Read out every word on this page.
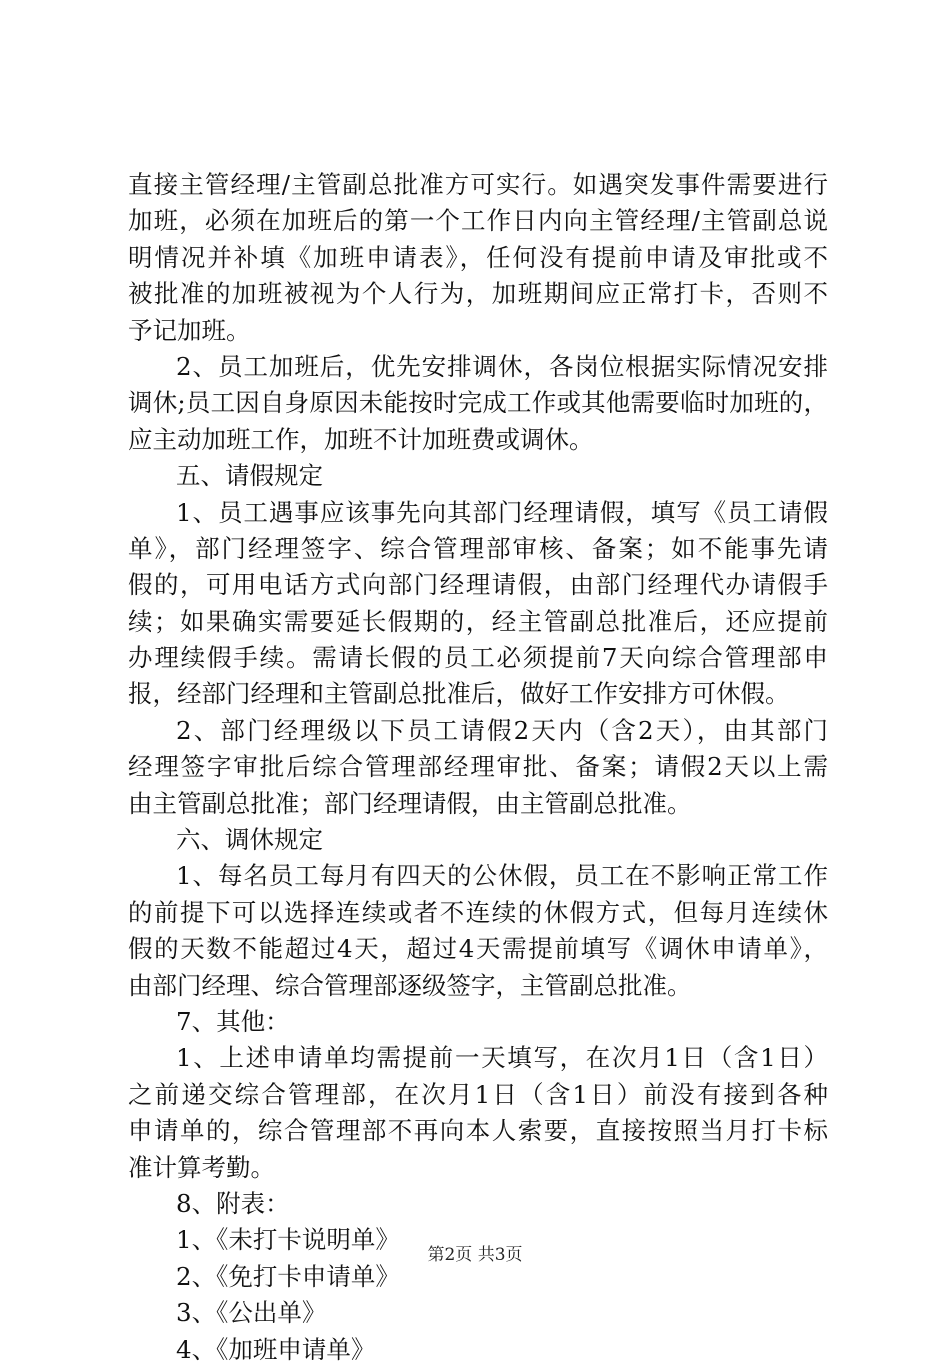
直接主管经理/主管副总批准方可实行。如遇突发事件需要进行
加班，必须在加班后的第一个工作日内向主管经理/主管副总说
明情况并补填《加班申请表》，任何没有提前申请及审批或不
被批准的加班被视为个人行为，加班期间应正常打卡，否则不
予记加班。
2、员工加班后，优先安排调休，各岗位根据实际情况安排
调休;员工因自身原因未能按时完成工作或其他需要临时加班的，
应主动加班工作，加班不计加班费或调休。
五、请假规定
1、员工遇事应该事先向其部门经理请假，填写《员工请假
单》，部门经理签字、综合管理部审核、备案；如不能事先请
假的，可用电话方式向部门经理请假，由部门经理代办请假手
续；如果确实需要延长假期的，经主管副总批准后，还应提前
办理续假手续。需请长假的员工必须提前7天向综合管理部申
报，经部门经理和主管副总批准后，做好工作安排方可休假。
2、部门经理级以下员工请假2天内（含2天），由其部门
经理签字审批后综合管理部经理审批、备案；请假2天以上需
由主管副总批准；部门经理请假，由主管副总批准。
六、调休规定
1、每名员工每月有四天的公休假，员工在不影响正常工作
的前提下可以选择连续或者不连续的休假方式，但每月连续休
假的天数不能超过4天，超过4天需提前填写《调休申请单》，
由部门经理、综合管理部逐级签字，主管副总批准。
7、其他：
1、上述申请单均需提前一天填写，在次月1日（含1日）
之前递交综合管理部，在次月1日（含1日）前没有接到各种
申请单的，综合管理部不再向本人索要，直接按照当月打卡标
准计算考勤。
8、附表：
1、《未打卡说明单》
2、《免打卡申请单》
3、《公出单》
4、《加班申请单》
第2页 共3页
